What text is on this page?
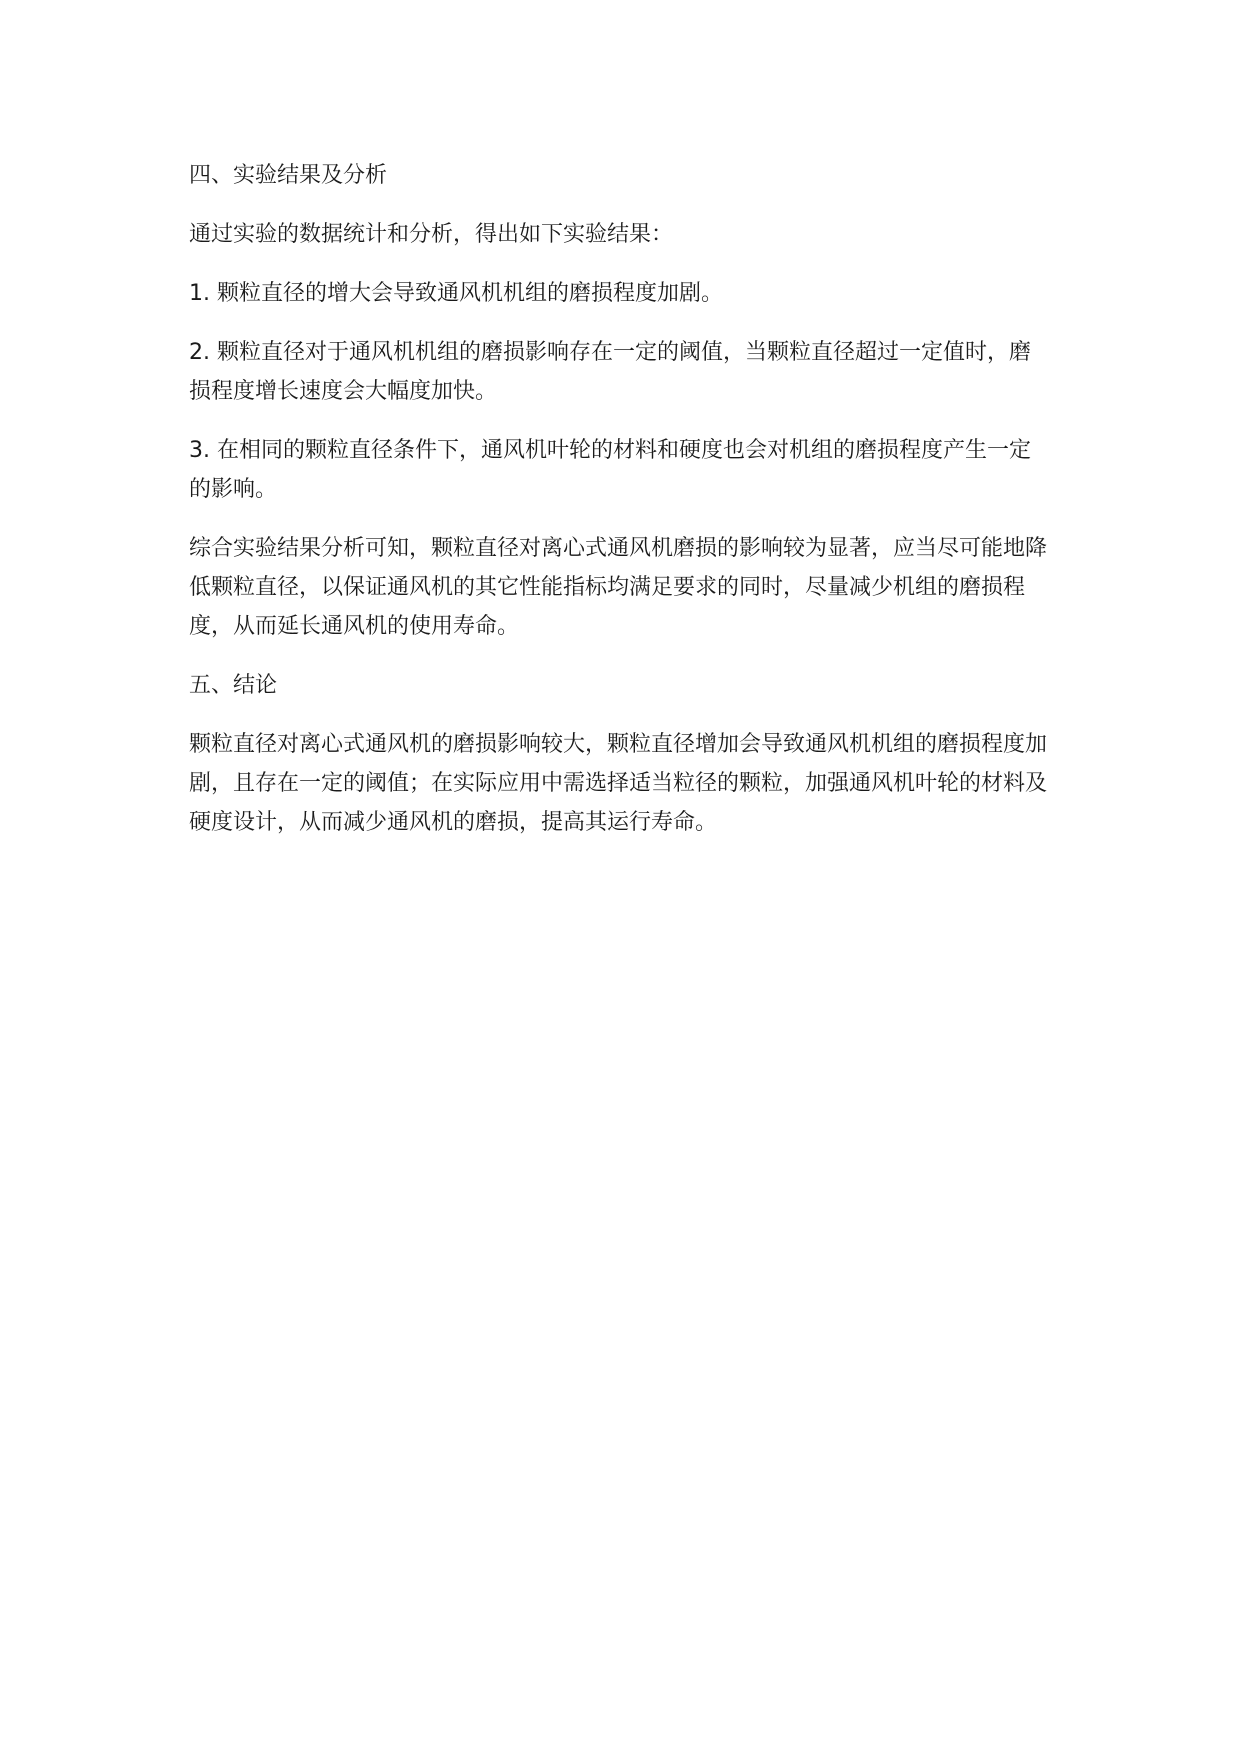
四、实验结果及分析

通过实验的数据统计和分析，得出如下实验结果：

1. 颗粒直径的增大会导致通风机机组的磨损程度加剧。

2. 颗粒直径对于通风机机组的磨损影响存在一定的阈值，当颗粒直径超过一定值时，磨损程度增长速度会大幅度加快。

3. 在相同的颗粒直径条件下，通风机叶轮的材料和硬度也会对机组的磨损程度产生一定的影响。

综合实验结果分析可知，颗粒直径对离心式通风机磨损的影响较为显著，应当尽可能地降低颗粒直径，以保证通风机的其它性能指标均满足要求的同时，尽量减少机组的磨损程度，从而延长通风机的使用寿命。

五、结论

颗粒直径对离心式通风机的磨损影响较大，颗粒直径增加会导致通风机机组的磨损程度加剧，且存在一定的阈值；在实际应用中需选择适当粒径的颗粒，加强通风机叶轮的材料及硬度设计，从而减少通风机的磨损，提高其运行寿命。
